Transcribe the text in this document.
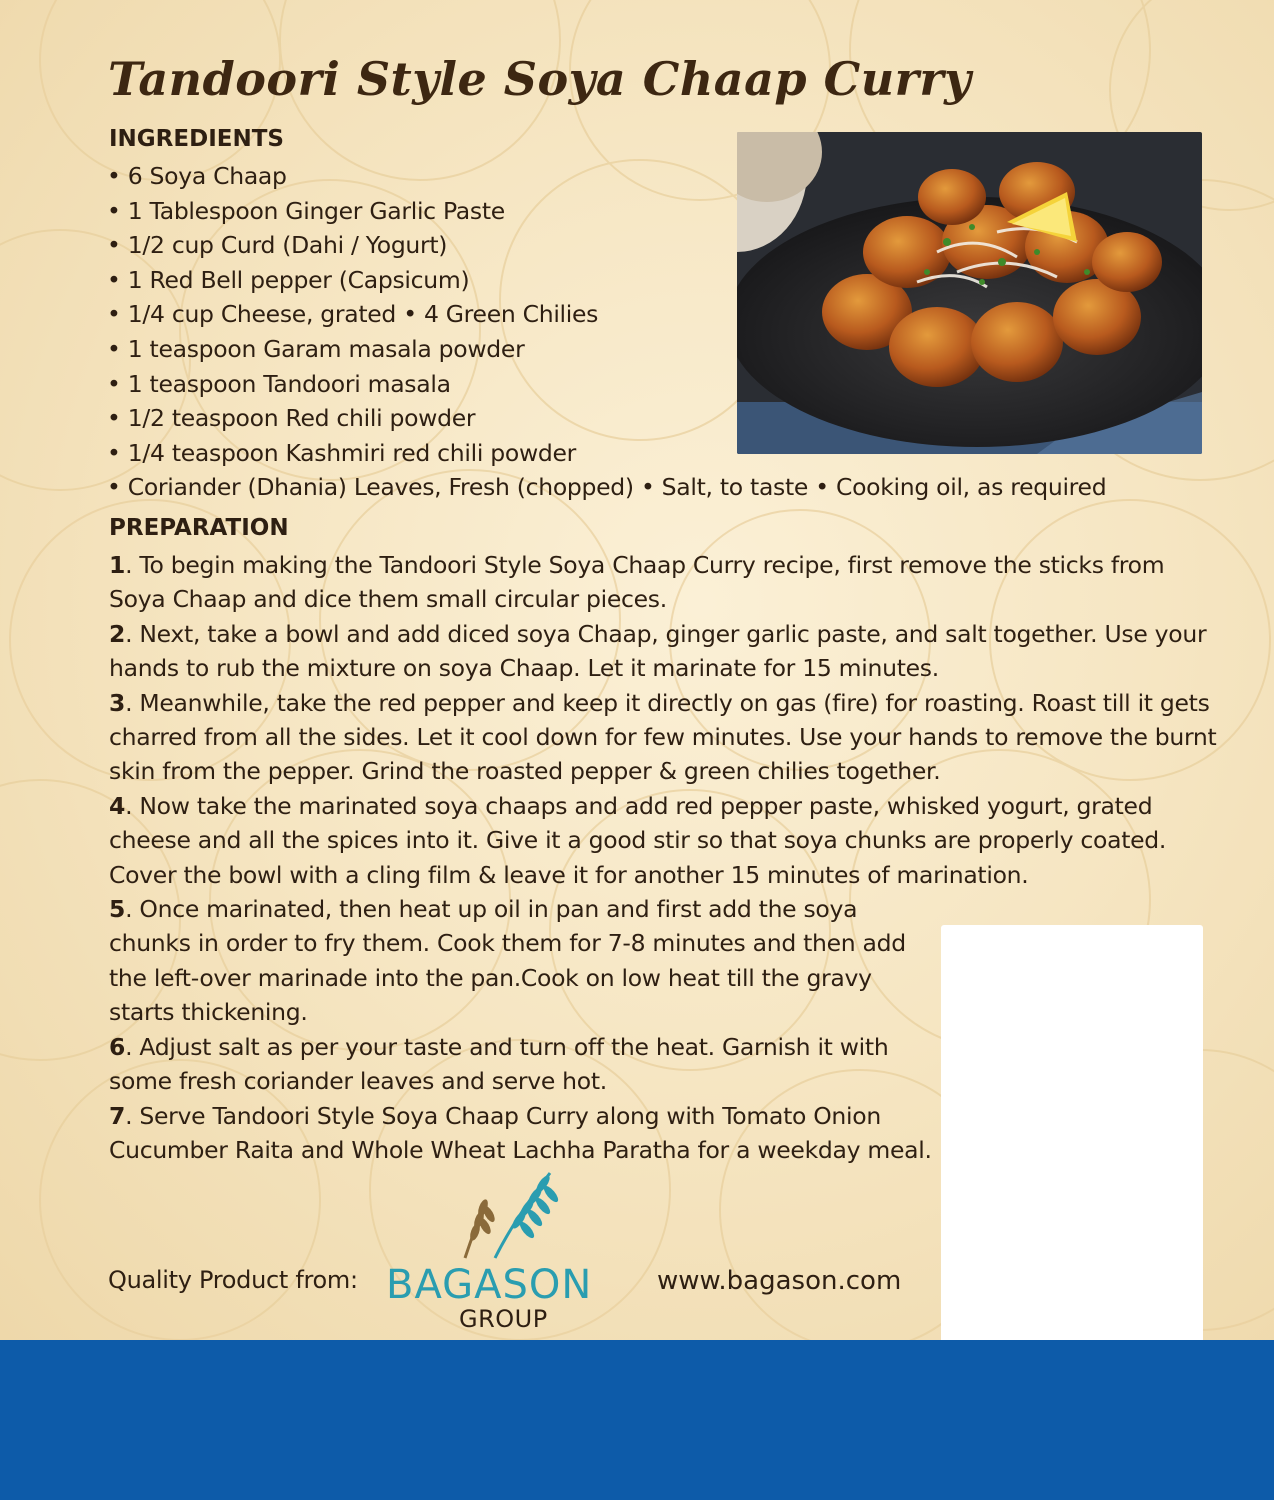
Tandoori Style Soya Chaap Curry
INGREDIENTS
• 6 Soya Chaap
• 1 Tablespoon Ginger Garlic Paste
• 1/2 cup Curd (Dahi / Yogurt)
• 1 Red Bell pepper (Capsicum)
• 1/4 cup Cheese, grated • 4 Green Chilies
• 1 teaspoon Garam masala powder
• 1 teaspoon Tandoori masala
• 1/2 teaspoon Red chili powder
• 1/4 teaspoon Kashmiri red chili powder
• Coriander (Dhania) Leaves, Fresh (chopped) • Salt, to taste • Cooking oil, as required
PREPARATION
1. To begin making the Tandoori Style Soya Chaap Curry recipe, first remove the sticks from Soya Chaap and dice them small circular pieces.
2. Next, take a bowl and add diced soya Chaap, ginger garlic paste, and salt together. Use your hands to rub the mixture on soya Chaap. Let it marinate for 15 minutes.
3. Meanwhile, take the red pepper and keep it directly on gas (fire) for roasting. Roast till it gets charred from all the sides. Let it cool down for few minutes. Use your hands to remove the burnt skin from the pepper. Grind the roasted pepper & green chilies together.
4. Now take the marinated soya chaaps and add red pepper paste, whisked yogurt, grated cheese and all the spices into it. Give it a good stir so that soya chunks are properly coated. Cover the bowl with a cling film & leave it for another 15 minutes of marination.
5. Once marinated, then heat up oil in pan and first add the soya chunks in order to fry them. Cook them for 7-8 minutes and then add the left-over marinade into the pan.Cook on low heat till the gravy starts thickening.
6. Adjust salt as per your taste and turn off the heat. Garnish it with some fresh coriander leaves and serve hot.
7. Serve Tandoori Style Soya Chaap Curry along with Tomato Onion Cucumber Raita and Whole Wheat Lachha Paratha for a weekday meal.
Quality Product from: BAGASON
GROUP
www.bagason.com
